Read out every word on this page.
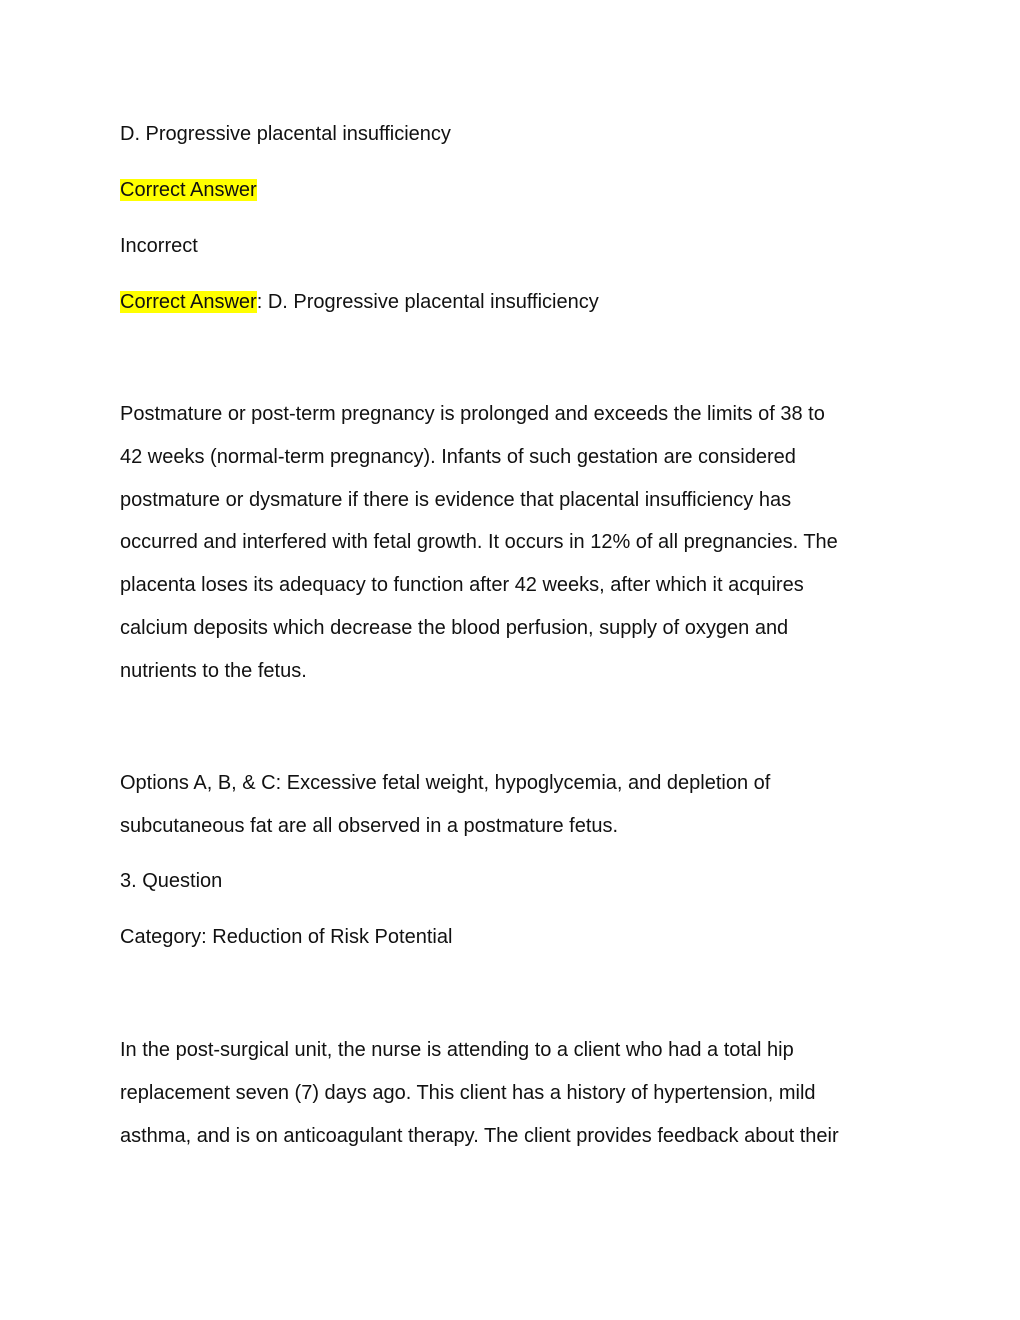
D. Progressive placental insufficiency
Correct Answer
Incorrect
Correct Answer: D. Progressive placental insufficiency
Postmature or post-term pregnancy is prolonged and exceeds the limits of 38 to
42 weeks (normal-term pregnancy). Infants of such gestation are considered
postmature or dysmature if there is evidence that placental insufficiency has
occurred and interfered with fetal growth. It occurs in 12% of all pregnancies. The
placenta loses its adequacy to function after 42 weeks, after which it acquires
calcium deposits which decrease the blood perfusion, supply of oxygen and
nutrients to the fetus.
Options A, B, & C: Excessive fetal weight, hypoglycemia, and depletion of
subcutaneous fat are all observed in a postmature fetus.
3. Question
Category: Reduction of Risk Potential
In the post-surgical unit, the nurse is attending to a client who had a total hip
replacement seven (7) days ago. This client has a history of hypertension, mild
asthma, and is on anticoagulant therapy. The client provides feedback about their
